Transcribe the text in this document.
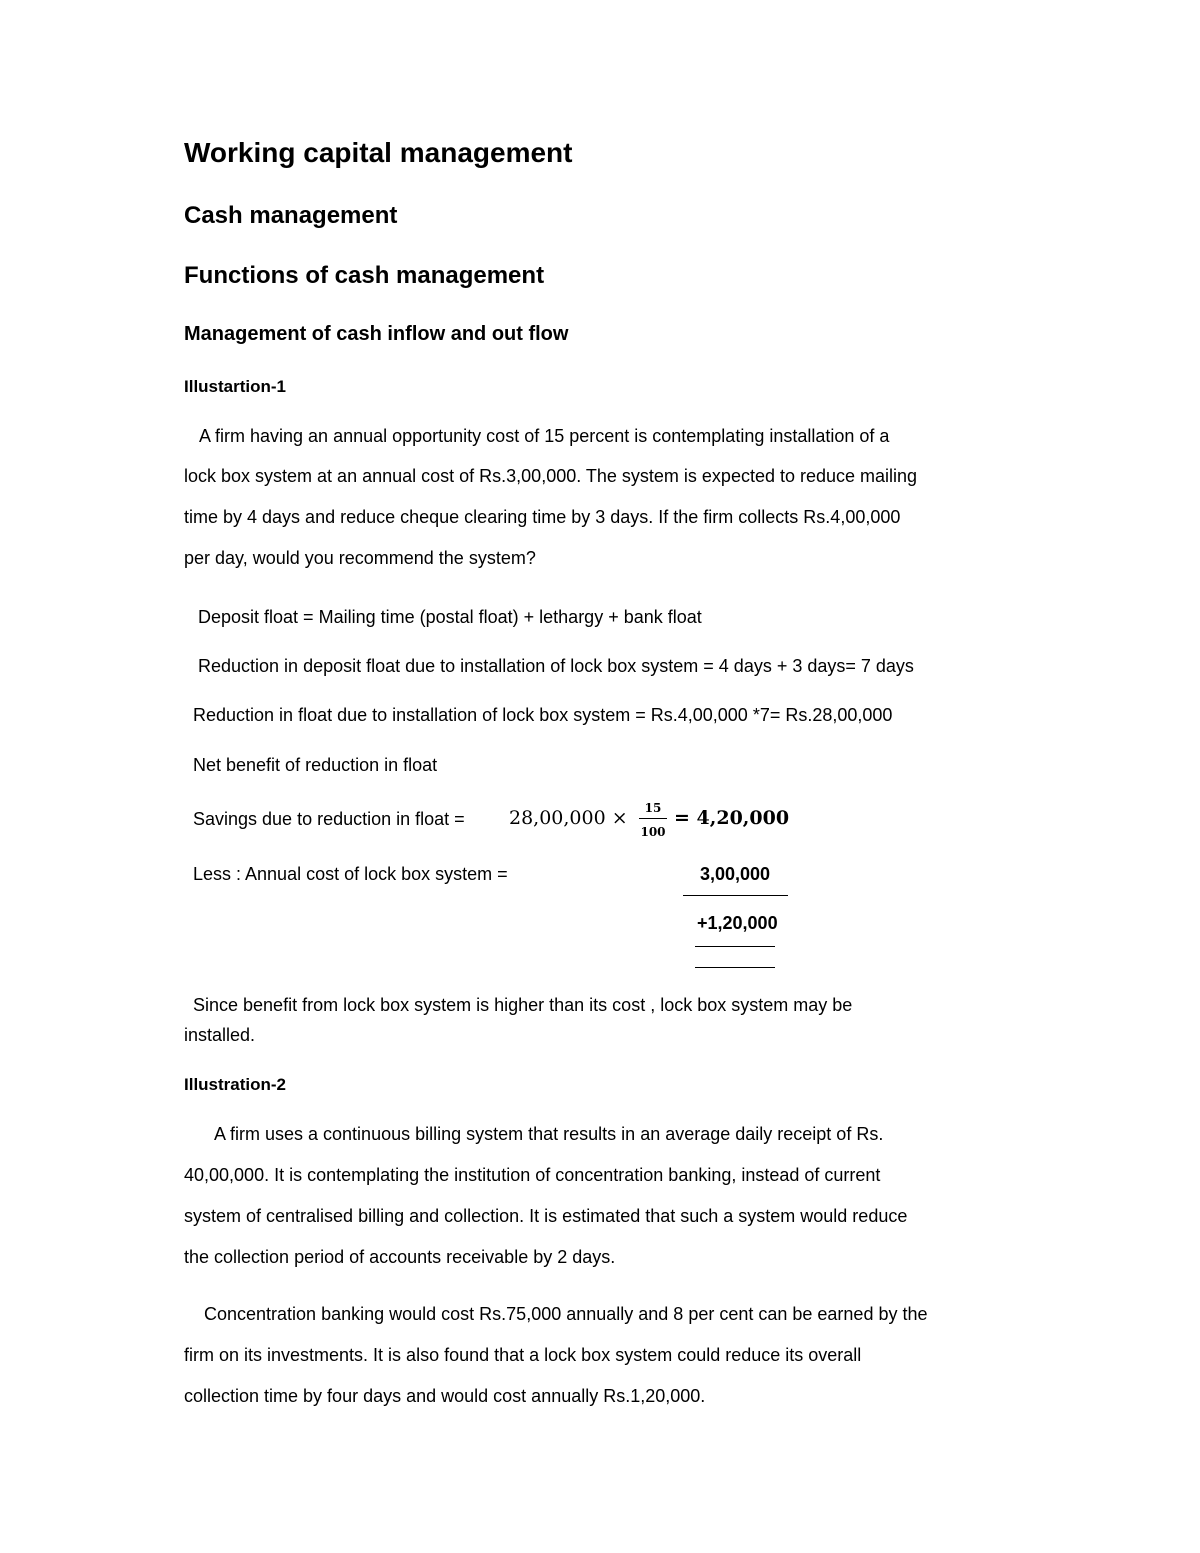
Working capital management
Cash management
Functions of cash management
Management of cash inflow and out flow
Illustartion-1
A firm having an annual opportunity cost of 15 percent is contemplating installation of a
lock box system at an annual cost of Rs.3,00,000. The system is expected to reduce mailing
time by 4 days and reduce cheque clearing time by 3 days. If the firm collects Rs.4,00,000
per day, would you recommend the system?
Deposit float = Mailing time (postal float) + lethargy + bank float
Reduction in deposit float due to installation of lock box system = 4 days + 3 days= 7 days
Reduction in float due to installation of lock box system = Rs.4,00,000 *7= Rs.28,00,000
Net benefit of reduction in float
Savings due to reduction in float = 28,00,000 ×	15
100
= 4,20,000
Less : Annual cost of lock box system =	3,00,000
+1,20,000
Since benefit from lock box system is higher than its cost , lock box system may be
installed.
Illustration-2
A firm uses a continuous billing system that results in an average daily receipt of Rs.
40,00,000. It is contemplating the institution of concentration banking, instead of current
system of centralised billing and collection. It is estimated that such a system would reduce
the collection period of accounts receivable by 2 days.
Concentration banking would cost Rs.75,000 annually and 8 per cent can be earned by the
firm on its investments. It is also found that a lock box system could reduce its overall
collection time by four days and would cost annually Rs.1,20,000.
